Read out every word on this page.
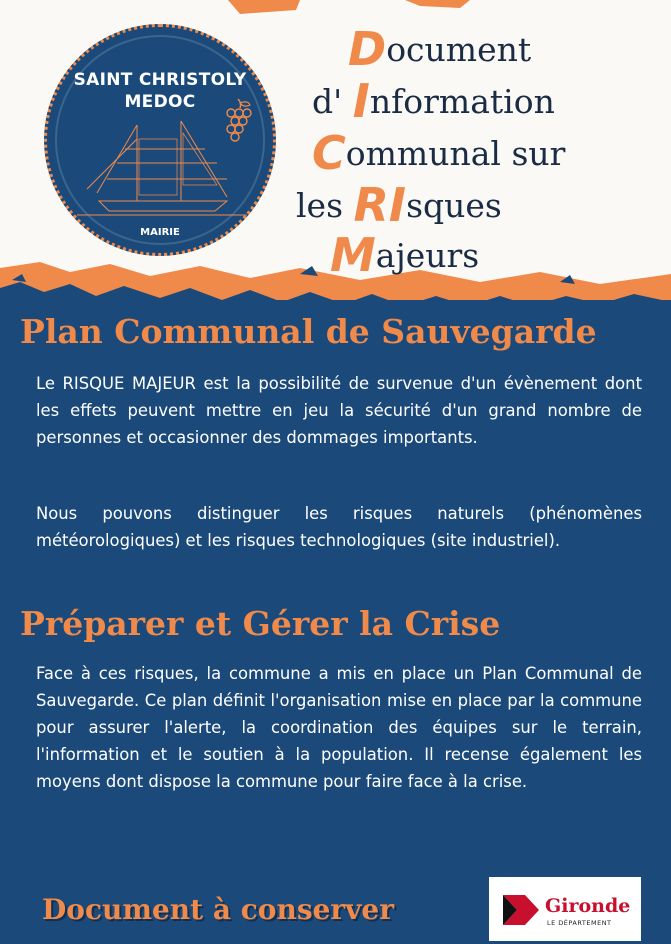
SAINT CHRISTOLY
MEDOC
MAIRIE
Document
d' Information
Communal sur
les RIsques
Majeurs
Plan Communal de Sauvegarde
Le RISQUE MAJEUR est la possibilité de survenue d'un évènement dont les effets peuvent mettre en jeu la sécurité d'un grand nombre de personnes et occasionner des dommages importants.
Nous pouvons distinguer les risques naturels (phénomènes météorologiques) et les risques technologiques (site industriel).
Préparer et Gérer la Crise
Face à ces risques, la commune a mis en place un Plan Communal de Sauvegarde. Ce plan définit l'organisation mise en place par la commune pour assurer l'alerte, la coordination des équipes sur le terrain, l'information et le soutien à la population. Il recense également les moyens dont dispose la commune pour faire face à la crise.
Document à conserver	Gironde
LE DÉPARTEMENT
